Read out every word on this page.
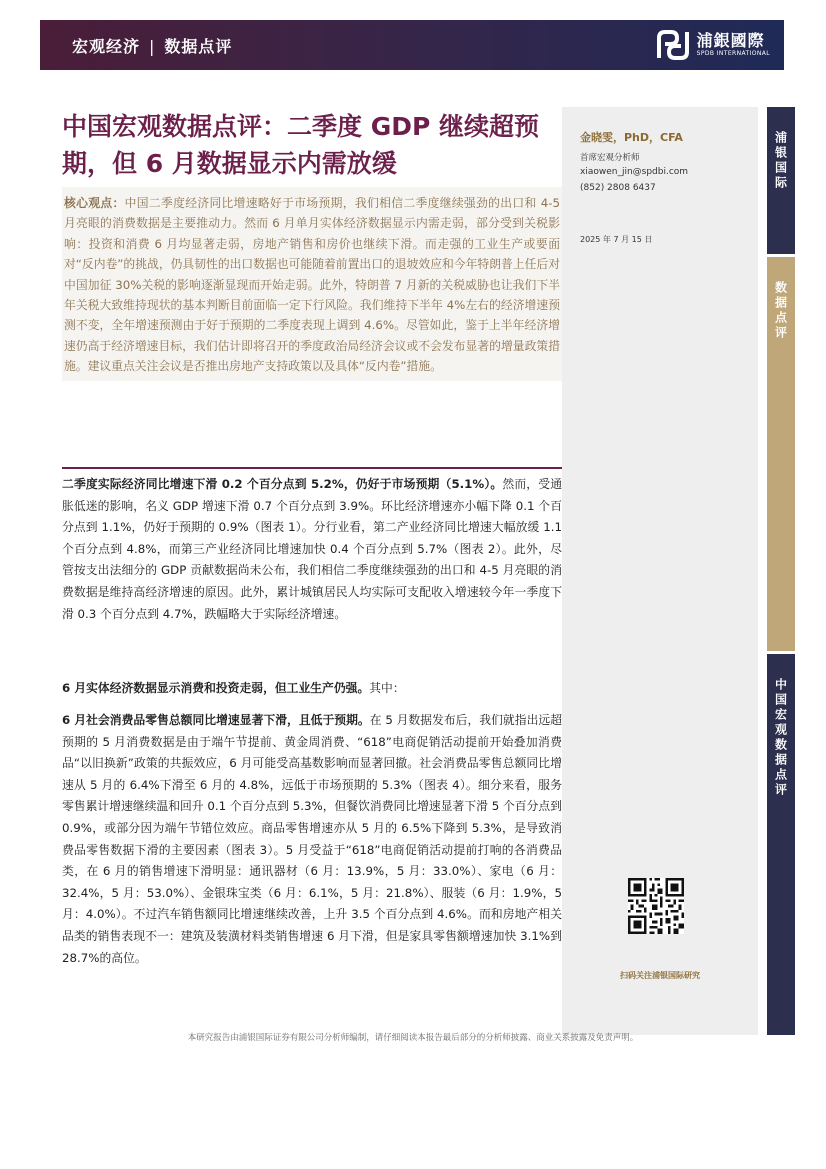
宏观经济 | 数据点评	浦銀國際
SPDB INTERNATIONAL
中国宏观数据点评：二季度 GDP 继续超预期，但 6 月数据显示内需放缓
金晓雯，PhD，CFA
首席宏观分析师
xiaowen_jin@spdbi.com
(852) 2808 6437
2025 年 7 月 15 日
扫码关注浦银国际研究
浦银国际
数据点评
中国宏观数据点评
核心观点：中国二季度经济同比增速略好于市场预期，我们相信二季度继续强劲的出口和 4-5 月亮眼的消费数据是主要推动力。然而 6 月单月实体经济数据显示内需走弱，部分受到关税影响：投资和消费 6 月均显著走弱，房地产销售和房价也继续下滑。而走强的工业生产或要面对“反内卷”的挑战，仍具韧性的出口数据也可能随着前置出口的退坡效应和今年特朗普上任后对中国加征 30%关税的影响逐渐显现而开始走弱。此外，特朗普 7 月新的关税威胁也让我们下半年关税大致维持现状的基本判断目前面临一定下行风险。我们维持下半年 4%左右的经济增速预测不变，全年增速预测由于好于预期的二季度表现上调到 4.6%。尽管如此，鉴于上半年经济增速仍高于经济增速目标，我们估计即将召开的季度政治局经济会议或不会发布显著的增量政策措施。建议重点关注会议是否推出房地产支持政策以及具体“反内卷”措施。
二季度实际经济同比增速下滑 0.2 个百分点到 5.2%，仍好于市场预期（5.1%）。然而，受通胀低迷的影响，名义 GDP 增速下滑 0.7 个百分点到 3.9%。环比经济增速亦小幅下降 0.1 个百分点到 1.1%，仍好于预期的 0.9%（图表 1）。分行业看，第二产业经济同比增速大幅放缓 1.1 个百分点到 4.8%，而第三产业经济同比增速加快 0.4 个百分点到 5.7%（图表 2）。此外，尽管按支出法细分的 GDP 贡献数据尚未公布，我们相信二季度继续强劲的出口和 4-5 月亮眼的消费数据是维持高经济增速的原因。此外，累计城镇居民人均实际可支配收入增速较今年一季度下滑 0.3 个百分点到 4.7%，跌幅略大于实际经济增速。
6 月实体经济数据显示消费和投资走弱，但工业生产仍强。其中：
6 月社会消费品零售总额同比增速显著下滑，且低于预期。在 5 月数据发布后，我们就指出远超预期的 5 月消费数据是由于端午节提前、黄金周消费、“618”电商促销活动提前开始叠加消费品“以旧换新”政策的共振效应，6 月可能受高基数影响而显著回撤。社会消费品零售总额同比增速从 5 月的 6.4%下滑至 6 月的 4.8%，远低于市场预期的 5.3%（图表 4）。细分来看，服务零售累计增速继续温和回升 0.1 个百分点到 5.3%，但餐饮消费同比增速显著下滑 5 个百分点到 0.9%，或部分因为端午节错位效应。商品零售增速亦从 5 月的 6.5%下降到 5.3%，是导致消费品零售数据下滑的主要因素（图表 3）。5 月受益于“618”电商促销活动提前打响的各消费品类，在 6 月的销售增速下滑明显：通讯器材（6 月：13.9%，5 月：33.0%）、家电（6 月：32.4%，5 月：53.0%）、金银珠宝类（6 月：6.1%，5 月：21.8%）、服装（6 月：1.9%，5 月：4.0%）。不过汽车销售额同比增速继续改善，上升 3.5 个百分点到 4.6%。而和房地产相关品类的销售表现不一：建筑及装潢材料类销售增速 6 月下滑，但是家具零售额增速加快 3.1%到 28.7%的高位。
本研究报告由浦银国际证券有限公司分析师编制，请仔细阅读本报告最后部分的分析师披露、商业关系披露及免责声明。
